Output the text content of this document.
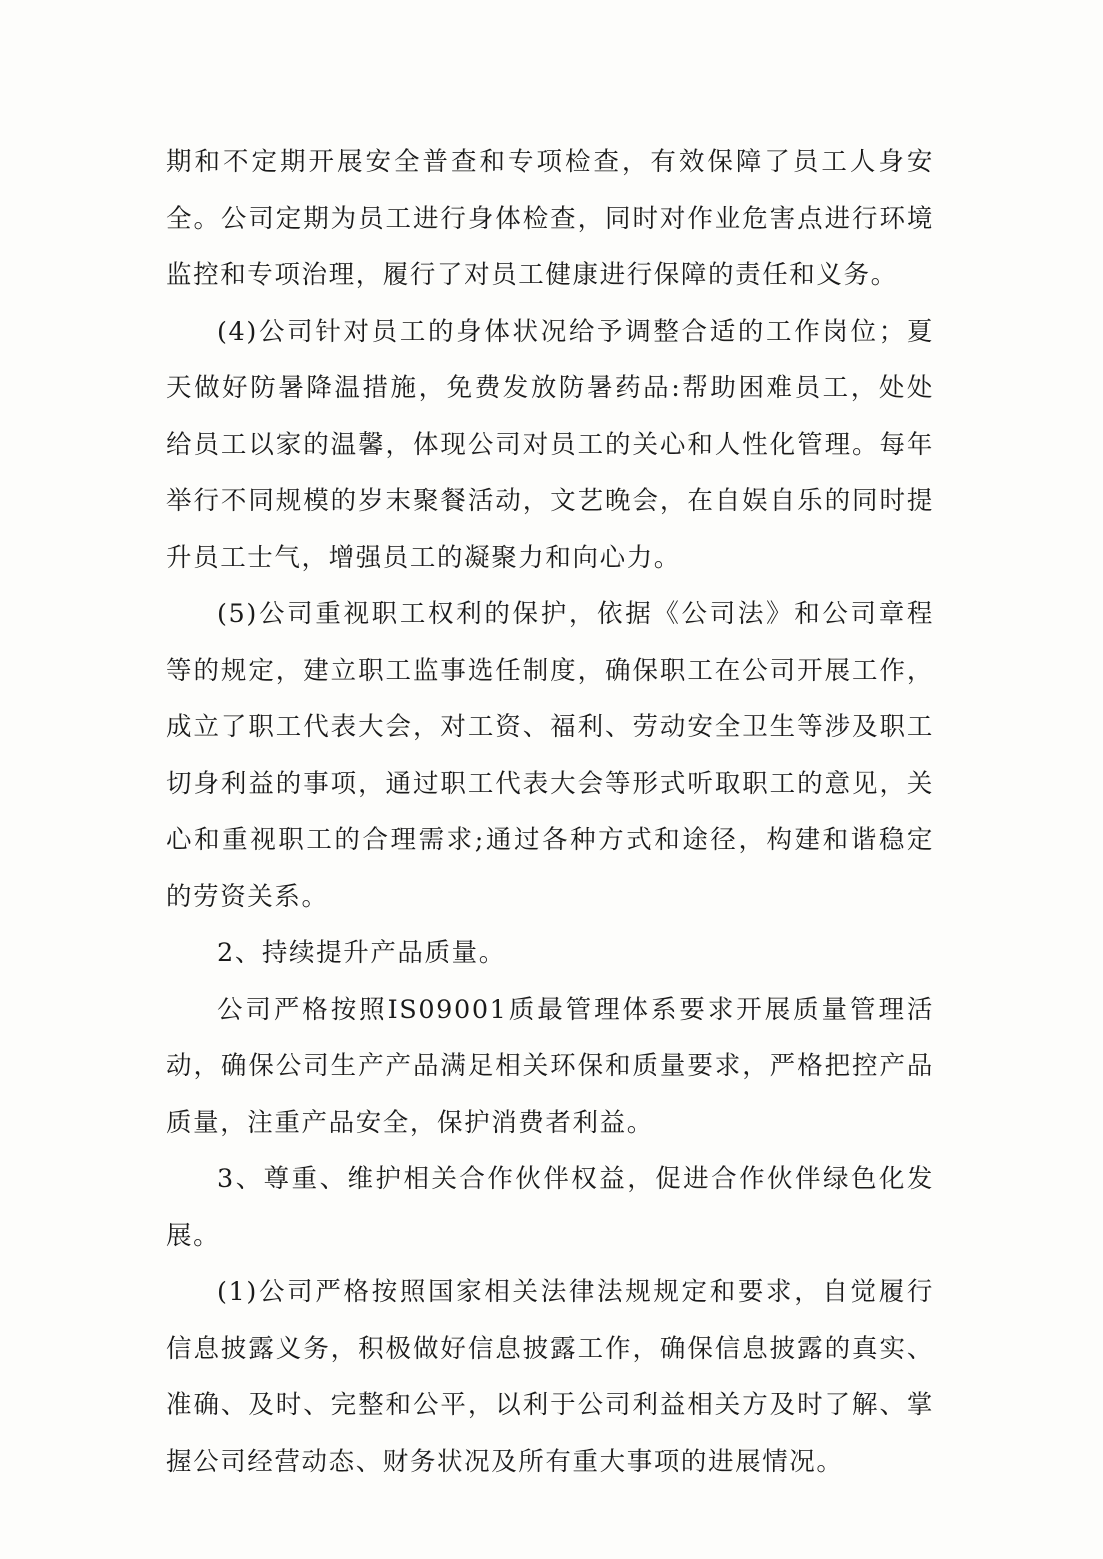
期和不定期开展安全普查和专项检查，有效保障了员工人身安全。公司定期为员工进行身体检查，同时对作业危害点进行环境监控和专项治理，履行了对员工健康进行保障的责任和义务。

(4)公司针对员工的身体状况给予调整合适的工作岗位；夏天做好防暑降温措施，免费发放防暑药品:帮助困难员工，处处给员工以家的温馨，体现公司对员工的关心和人性化管理。每年举行不同规模的岁末聚餐活动，文艺晚会，在自娱自乐的同时提升员工士气，增强员工的凝聚力和向心力。

(5)公司重视职工权利的保护，依据《公司法》和公司章程等的规定，建立职工监事选任制度，确保职工在公司开展工作，成立了职工代表大会，对工资、福利、劳动安全卫生等涉及职工切身利益的事项，通过职工代表大会等形式听取职工的意见，关心和重视职工的合理需求;通过各种方式和途径，构建和谐稳定的劳资关系。

2、持续提升产品质量。

公司严格按照IS09001质最管理体系要求开展质量管理活动，确保公司生产产品满足相关环保和质量要求，严格把控产品质量，注重产品安全，保护消费者利益。

3、尊重、维护相关合作伙伴权益，促进合作伙伴绿色化发展。

(1)公司严格按照国家相关法律法规规定和要求，自觉履行信息披露义务，积极做好信息披露工作，确保信息披露的真实、准确、及时、完整和公平，以利于公司利益相关方及时了解、掌握公司经营动态、财务状况及所有重大事项的进展情况。
